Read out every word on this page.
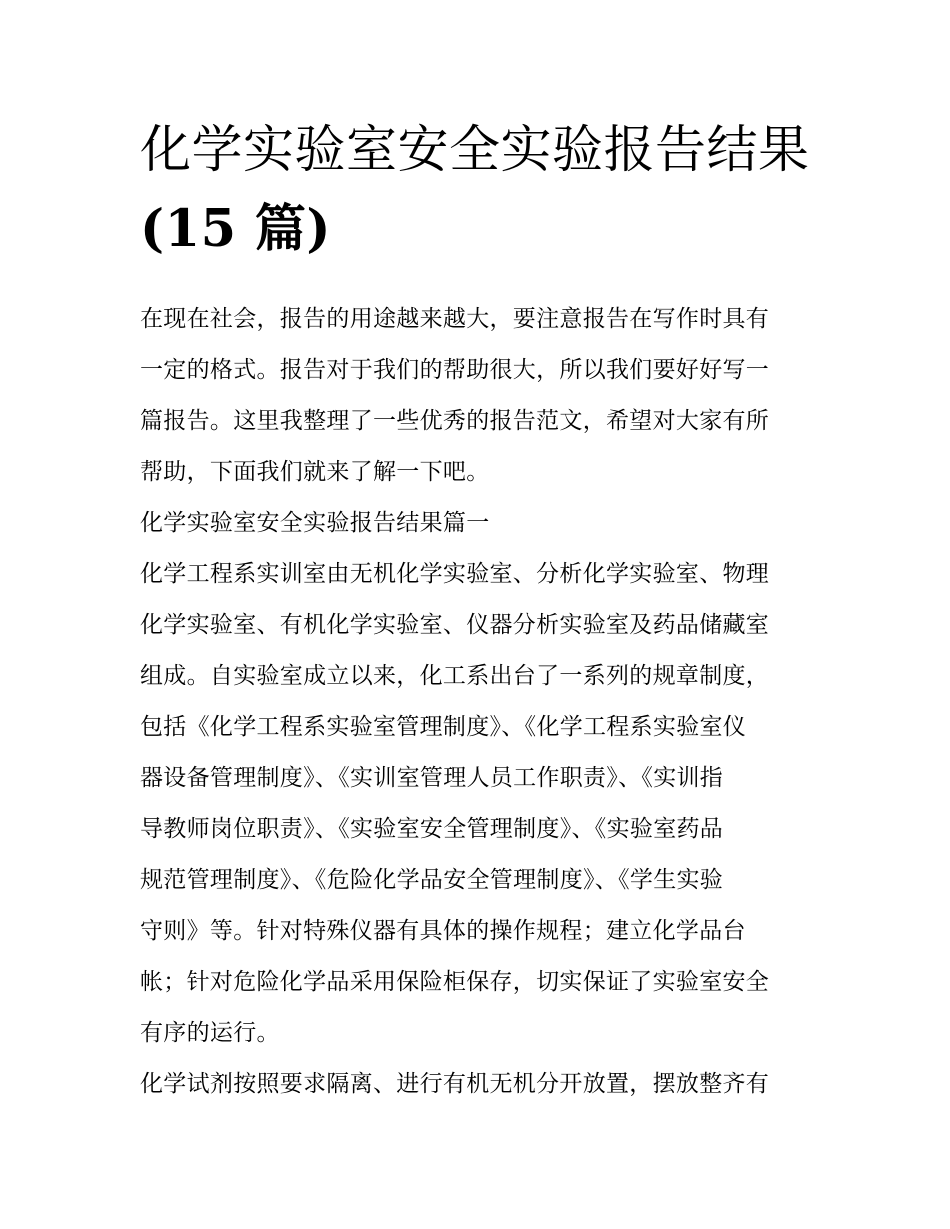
化学实验室安全实验报告结果
(15 篇)

在现在社会，报告的用途越来越大，要注意报告在写作时具有
一定的格式。报告对于我们的帮助很大，所以我们要好好写一
篇报告。这里我整理了一些优秀的报告范文，希望对大家有所
帮助，下面我们就来了解一下吧。

化学实验室安全实验报告结果篇一

化学工程系实训室由无机化学实验室、分析化学实验室、物理
化学实验室、有机化学实验室、仪器分析实验室及药品储藏室
组成。自实验室成立以来，化工系出台了一系列的规章制度，
包括《化学工程系实验室管理制度》、《化学工程系实验室仪
器设备管理制度》、《实训室管理人员工作职责》、《实训指
导教师岗位职责》、《实验室安全管理制度》、《实验室药品
规范管理制度》、《危险化学品安全管理制度》、《学生实验
守则》等。针对特殊仪器有具体的操作规程；建立化学品台
帐；针对危险化学品采用保险柜保存，切实保证了实验室安全
有序的运行。

化学试剂按照要求隔离、进行有机无机分开放置，摆放整齐有
